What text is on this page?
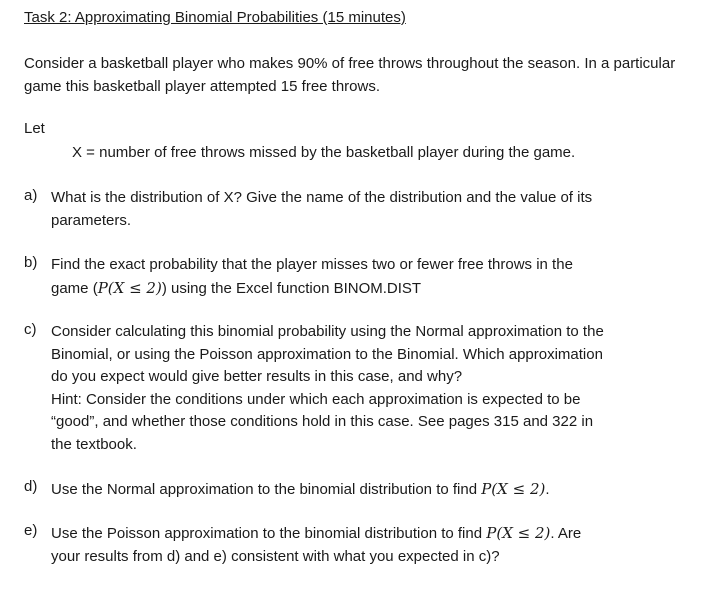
Task 2: Approximating Binomial Probabilities (15 minutes)
Consider a basketball player who makes 90% of free throws throughout the season. In a particular game this basketball player attempted 15 free throws.
Let
X = number of free throws missed by the basketball player during the game.
a) What is the distribution of X? Give the name of the distribution and the value of its
parameters.
b) Find the exact probability that the player misses two or fewer free throws in the
game (P(X ≤ 2)) using the Excel function BINOM.DIST
c) Consider calculating this binomial probability using the Normal approximation to the
Binomial, or using the Poisson approximation to the Binomial. Which approximation
do you expect would give better results in this case, and why?
Hint: Consider the conditions under which each approximation is expected to be
“good”, and whether those conditions hold in this case. See pages 315 and 322 in
the textbook.
d) Use the Normal approximation to the binomial distribution to find P(X ≤ 2).
e) Use the Poisson approximation to the binomial distribution to find P(X ≤ 2). Are
your results from d) and e) consistent with what you expected in c)?
